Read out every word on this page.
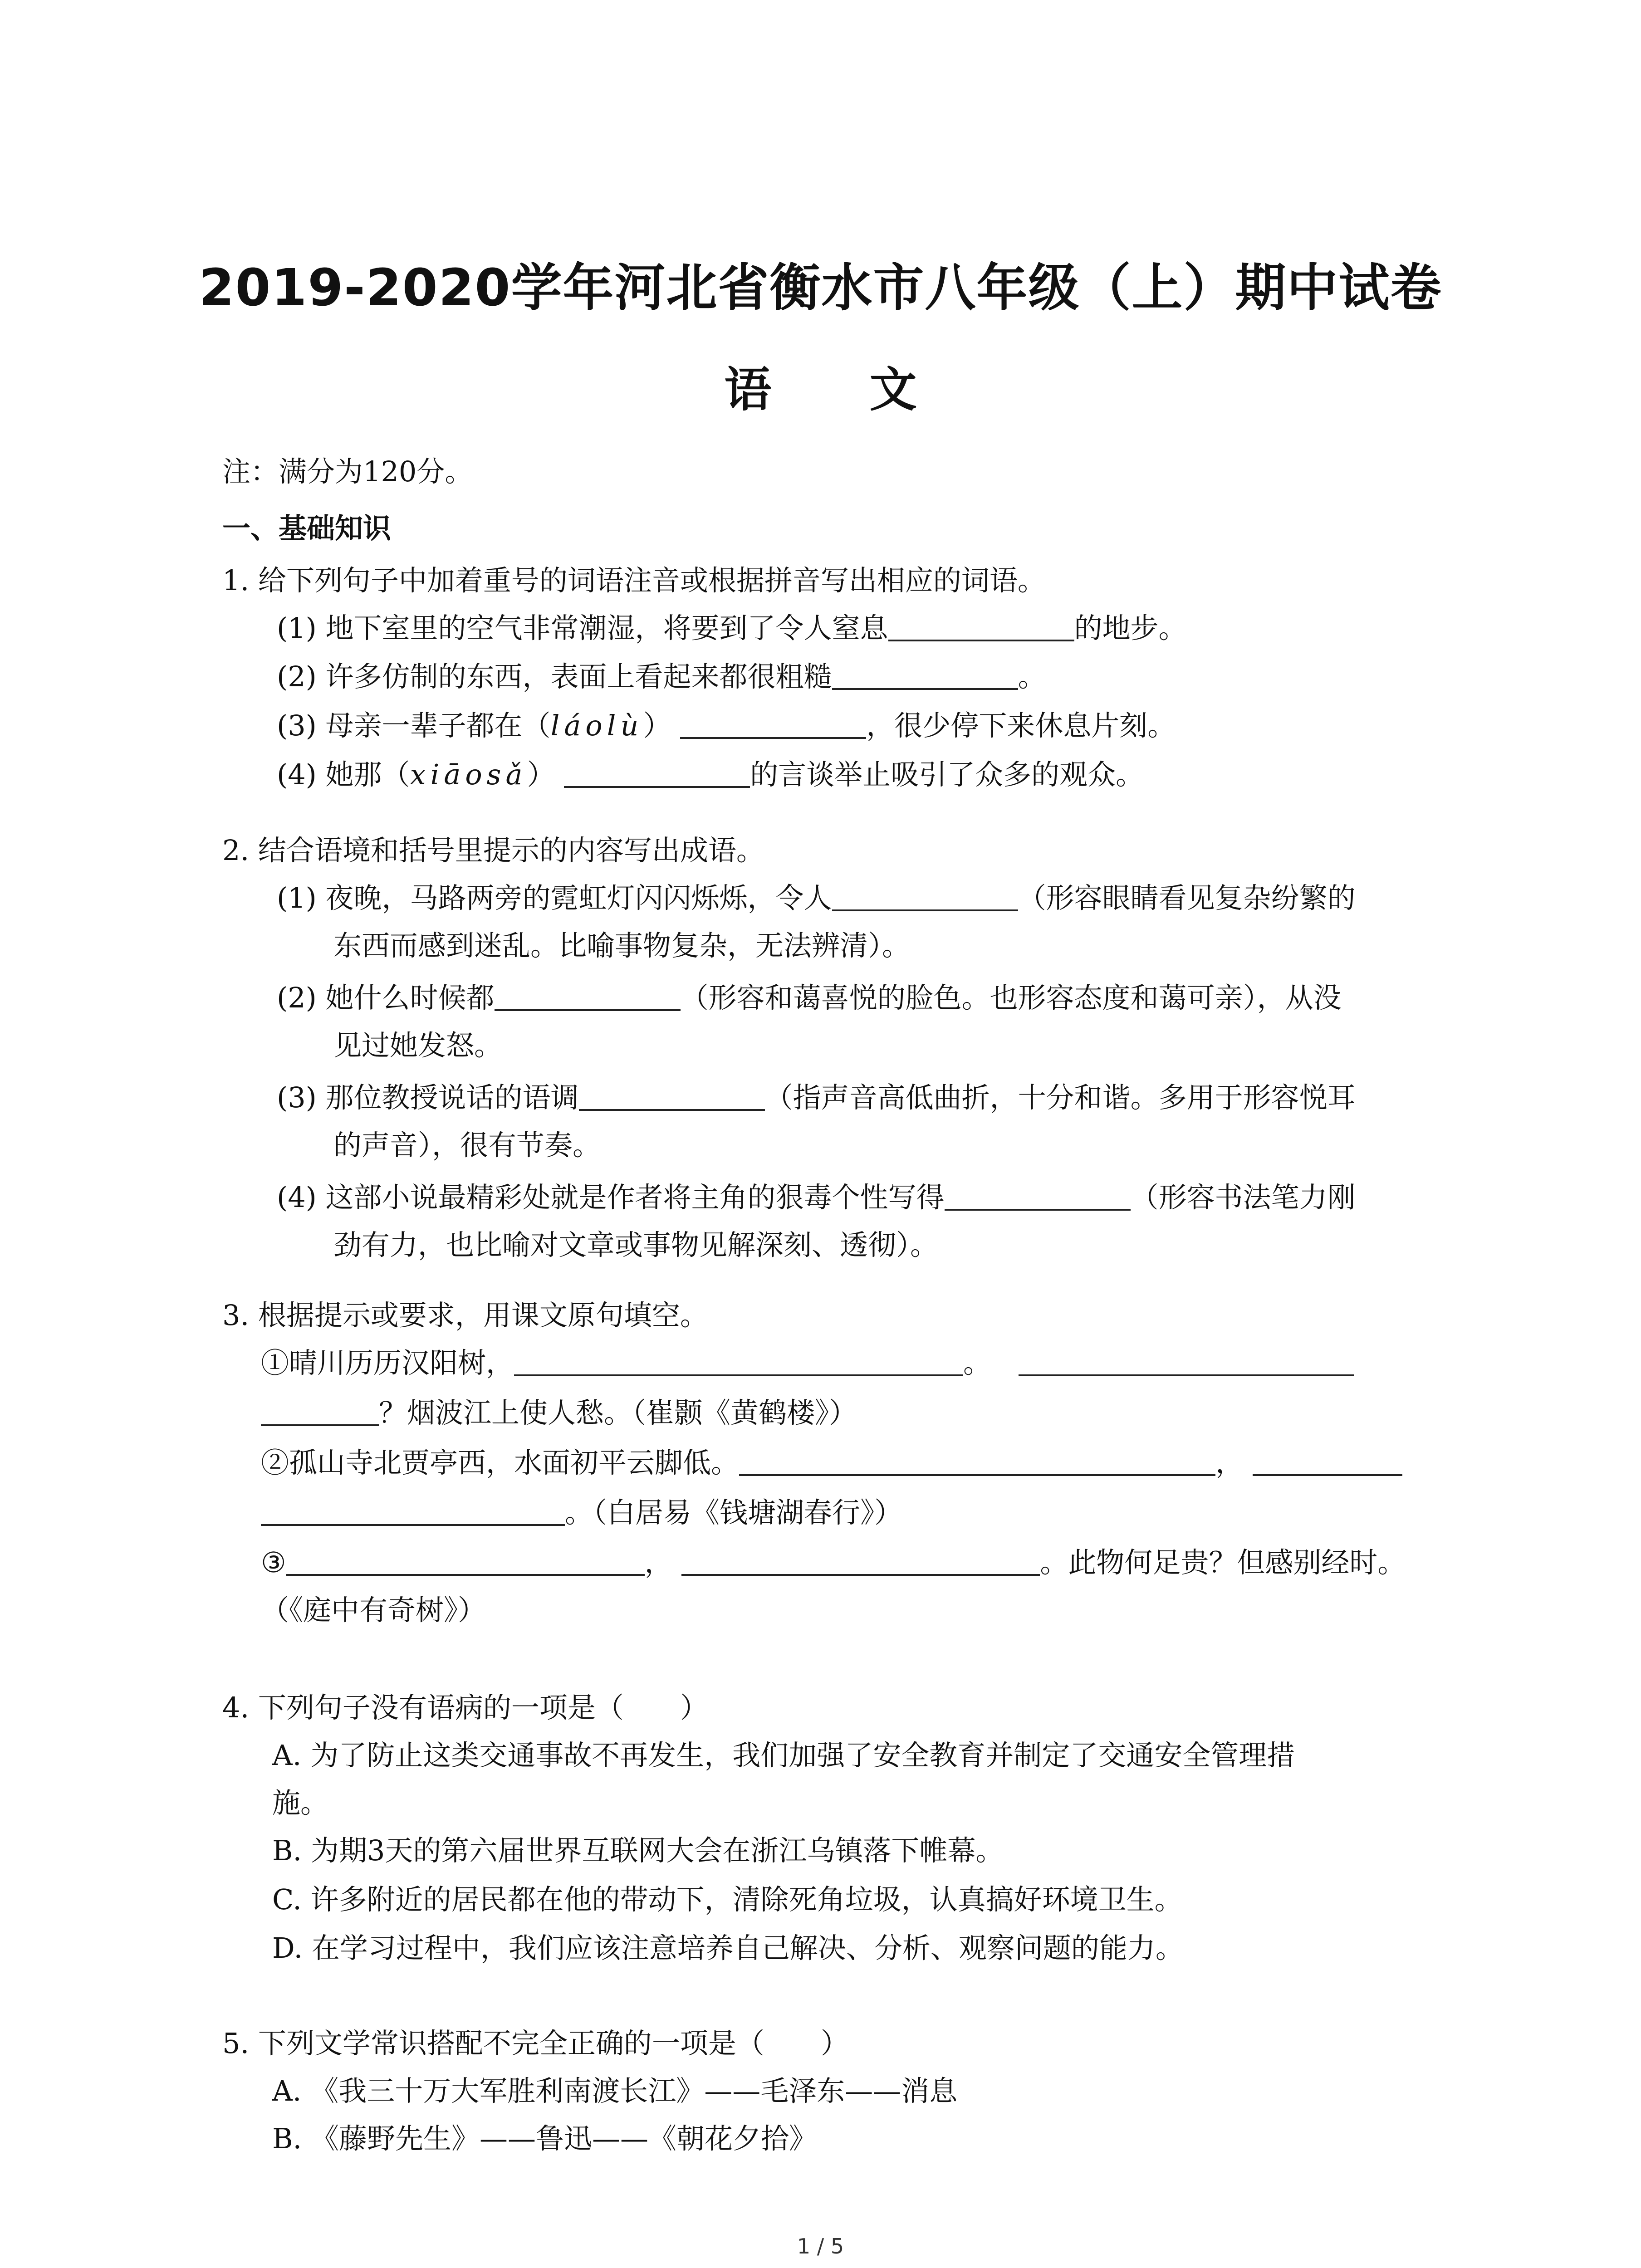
2019-2020学年河北省衡水市八年级（上）期中试卷
语 文
注：满分为120分。
一、基础知识
1. 给下列句子中加着重号的词语注音或根据拼音写出相应的词语。
(1) 地下室里的空气非常潮湿，将要到了令人窒息	的地步。
(2) 许多仿制的东西，表面上看起来都很粗糙	。
(3) 母亲一辈子都在（láolù）	，很少停下来休息片刻。
(4) 她那（xiāosǎ）	的言谈举止吸引了众多的观众。
2. 结合语境和括号里提示的内容写出成语。
(1) 夜晚，马路两旁的霓虹灯闪闪烁烁，令人	（形容眼睛看见复杂纷繁的
东西而感到迷乱。比喻事物复杂，无法辨清）。
(2) 她什么时候都	（形容和蔼喜悦的脸色。也形容态度和蔼可亲），从没
见过她发怒。
(3) 那位教授说话的语调	（指声音高低曲折，十分和谐。多用于形容悦耳
的声音），很有节奏。
(4) 这部小说最精彩处就是作者将主角的狠毒个性写得	（形容书法笔力刚
劲有力，也比喻对文章或事物见解深刻、透彻）。
3. 根据提示或要求，用课文原句填空。
①晴川历历汉阳树，	。
？烟波江上使人愁。（崔颢《黄鹤楼》）
②孤山寺北贾亭西，水面初平云脚低。	，
。（白居易《钱塘湖春行》）
③	，	。此物何足贵？但感别经时。
（《庭中有奇树》）
4. 下列句子没有语病的一项是（　　）
A. 为了防止这类交通事故不再发生，我们加强了安全教育并制定了交通安全管理措
施。
B. 为期3天的第六届世界互联网大会在浙江乌镇落下帷幕。
C. 许多附近的居民都在他的带动下，清除死角垃圾，认真搞好环境卫生。
D. 在学习过程中，我们应该注意培养自己解决、分析、观察问题的能力。
5. 下列文学常识搭配不完全正确的一项是（　　）
A. 《我三十万大军胜利南渡长江》——毛泽东——消息
B. 《藤野先生》——鲁迅——《朝花夕拾》
1 / 5
